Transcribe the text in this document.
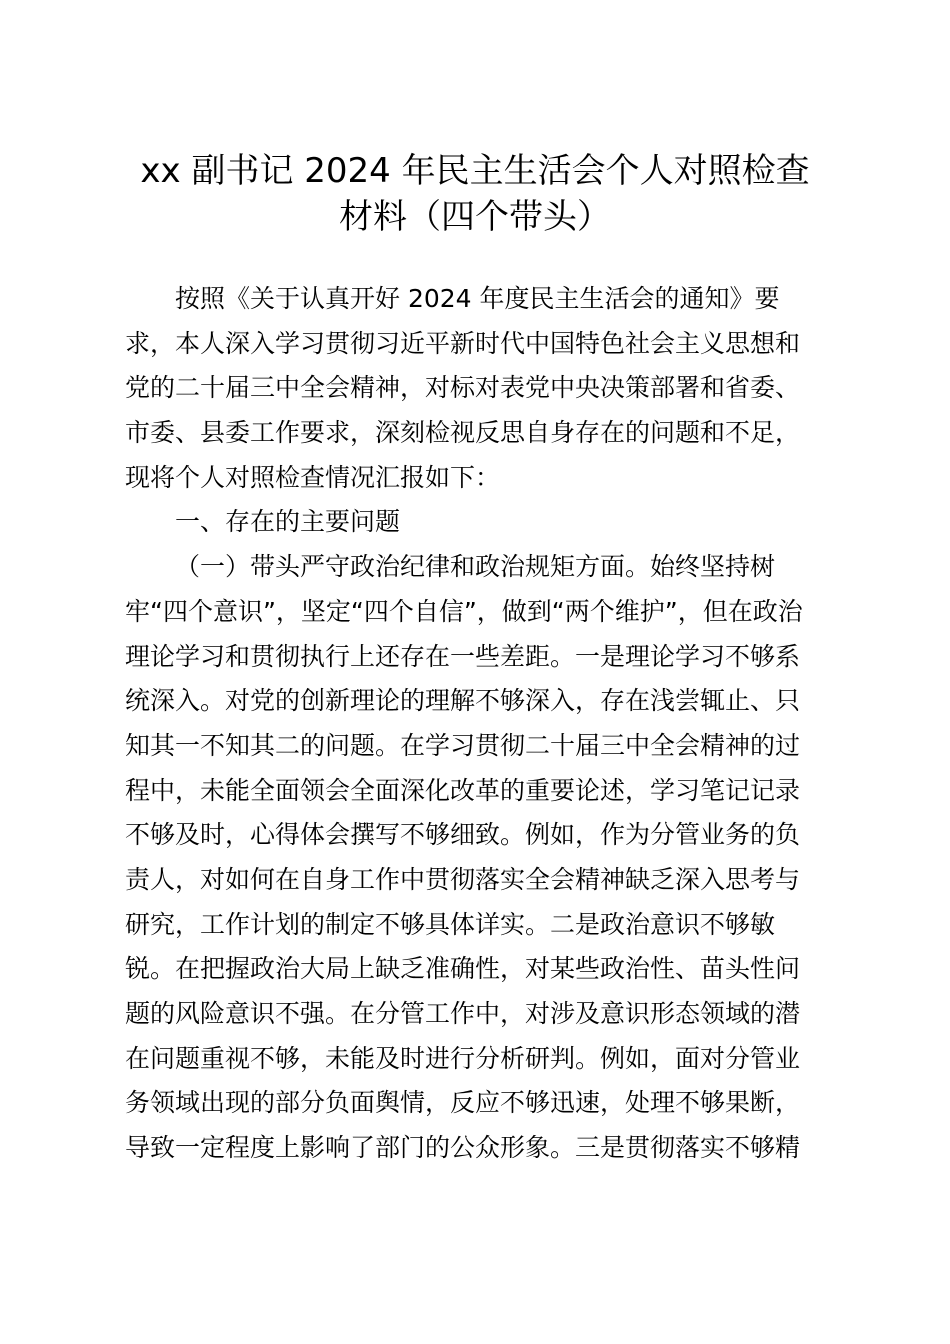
xx 副书记 2024 年民主生活会个人对照检查
材料（四个带头）
按照《关于认真开好 2024 年度民主生活会的通知》要
求，本人深入学习贯彻习近平新时代中国特色社会主义思想和
党的二十届三中全会精神，对标对表党中央决策部署和省委、
市委、县委工作要求，深刻检视反思自身存在的问题和不足，
现将个人对照检查情况汇报如下：
一、存在的主要问题
（一）带头严守政治纪律和政治规矩方面。始终坚持树
牢“四个意识”，坚定“四个自信”，做到“两个维护”，但在政治
理论学习和贯彻执行上还存在一些差距。一是理论学习不够系
统深入。对党的创新理论的理解不够深入，存在浅尝辄止、只
知其一不知其二的问题。在学习贯彻二十届三中全会精神的过
程中，未能全面领会全面深化改革的重要论述，学习笔记记录
不够及时，心得体会撰写不够细致。例如，作为分管业务的负
责人，对如何在自身工作中贯彻落实全会精神缺乏深入思考与
研究，工作计划的制定不够具体详实。二是政治意识不够敏
锐。在把握政治大局上缺乏准确性，对某些政治性、苗头性问
题的风险意识不强。在分管工作中，对涉及意识形态领域的潜
在问题重视不够，未能及时进行分析研判。例如，面对分管业
务领域出现的部分负面舆情，反应不够迅速，处理不够果断，
导致一定程度上影响了部门的公众形象。三是贯彻落实不够精
